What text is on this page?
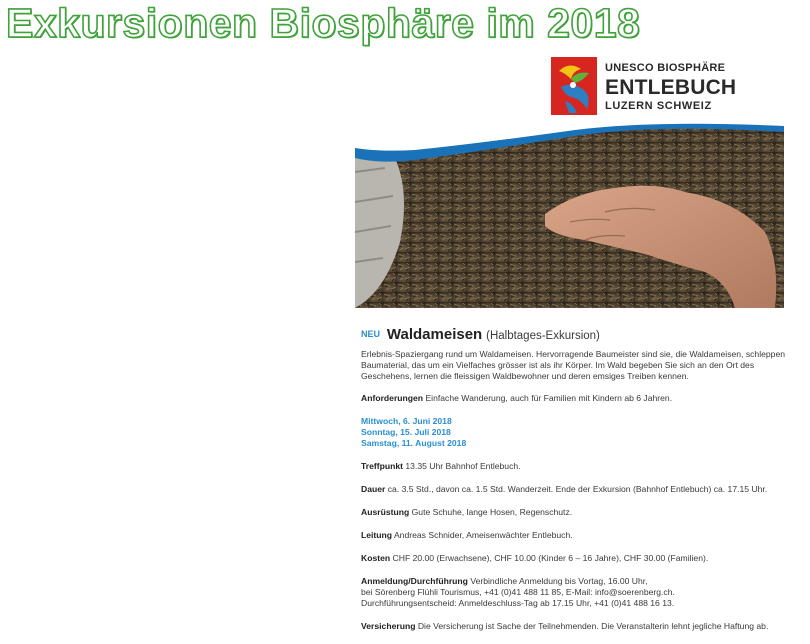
Exkursionen Biosphäre im 2018
UNESCO BIOSPHÄRE
ENTLEBUCH
LUZERN SCHWEIZ
NEU Waldameisen (Halbtages-Exkursion)

Erlebnis-Spaziergang rund um Waldameisen. Hervorragende Baumeister sind sie, die Waldameisen, schleppen Baumaterial, das um ein Vielfaches grösser ist als ihr Körper. Im Wald begeben Sie sich an den Ort des Geschehens, lernen die fleissigen Waldbewohner und deren emsiges Treiben kennen.

Anforderungen Einfache Wanderung, auch für Familien mit Kindern ab 6 Jahren.
Mittwoch, 6. Juni 2018
Sonntag, 15. Juli 2018
Samstag, 11. August 2018
Treffpunkt 13.35 Uhr Bahnhof Entlebuch.
Dauer ca. 3.5 Std., davon ca. 1.5 Std. Wanderzeit. Ende der Exkursion (Bahnhof Entlebuch) ca. 17.15 Uhr.
Ausrüstung Gute Schuhe, lange Hosen, Regenschutz.
Leitung Andreas Schnider, Ameisenwächter Entlebuch.
Kosten CHF 20.00 (Erwachsene), CHF 10.00 (Kinder 6 – 16 Jahre), CHF 30.00 (Familien).
Anmeldung/Durchführung Verbindliche Anmeldung bis Vortag, 16.00 Uhr,
bei Sörenberg Flühli Tourismus, +41 (0)41 488 11 85, E-Mail: info@soerenberg.ch.
Durchführungsentscheid: Anmeldeschluss-Tag ab 17.15 Uhr, +41 (0)41 488 16 13.
Versicherung Die Versicherung ist Sache der Teilnehmenden. Die Veranstalterin lehnt jegliche Haftung ab.
